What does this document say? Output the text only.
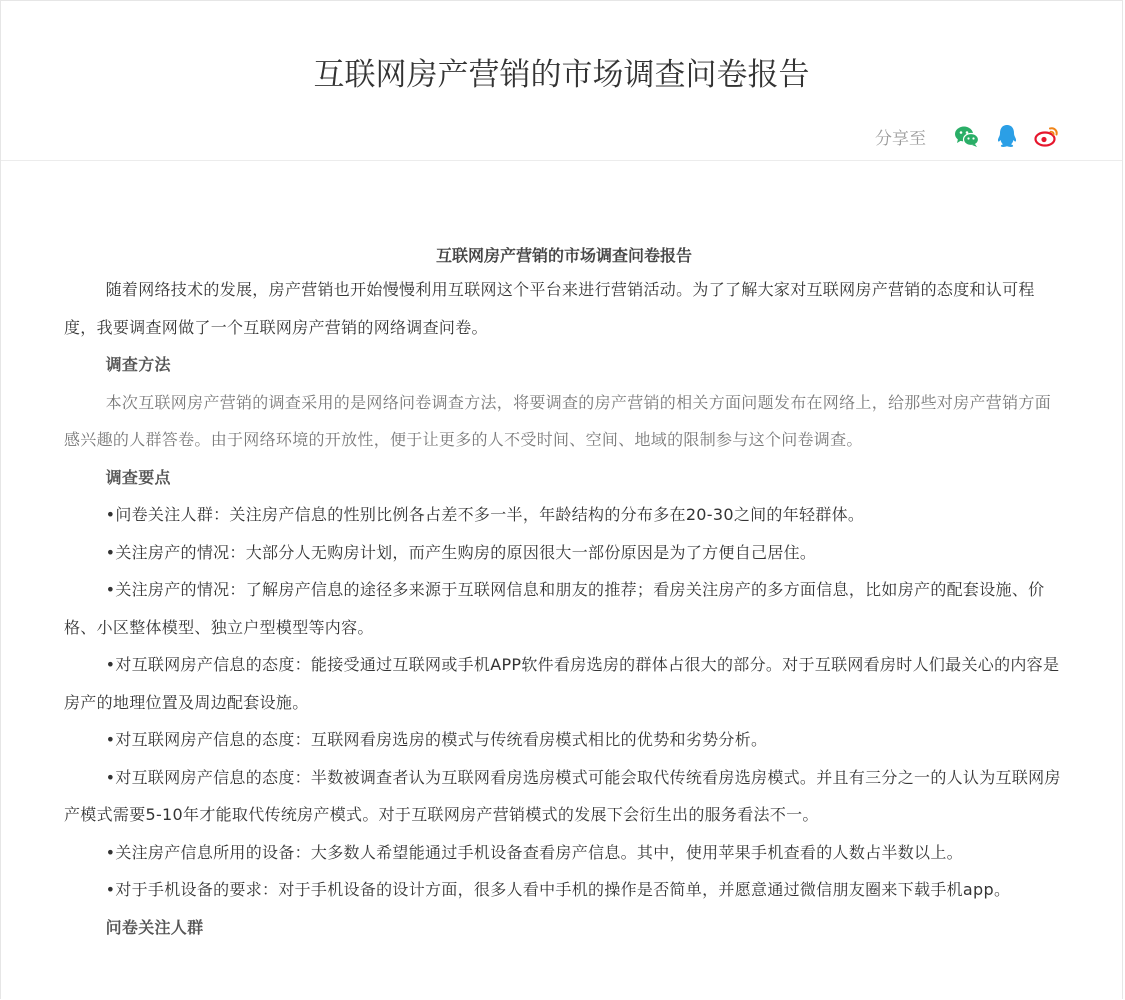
互联网房产营销的市场调查问卷报告
分享至
互联网房产营销的市场调查问卷报告

随着网络技术的发展，房产营销也开始慢慢利用互联网这个平台来进行营销活动。为了了解大家对互联网房产营销的态度和认可程度，我要调查网做了一个互联网房产营销的网络调查问卷。

调查方法

本次互联网房产营销的调查采用的是网络问卷调查方法，将要调查的房产营销的相关方面问题发布在网络上，给那些对房产营销方面感兴趣的人群答卷。由于网络环境的开放性，便于让更多的人不受时间、空间、地域的限制参与这个问卷调查。

调查要点

•问卷关注人群：关注房产信息的性别比例各占差不多一半，年龄结构的分布多在20-30之间的年轻群体。

•关注房产的情况：大部分人无购房计划，而产生购房的原因很大一部份原因是为了方便自己居住。

•关注房产的情况：了解房产信息的途径多来源于互联网信息和朋友的推荐；看房关注房产的多方面信息，比如房产的配套设施、价格、小区整体模型、独立户型模型等内容。

•对互联网房产信息的态度：能接受通过互联网或手机APP软件看房选房的群体占很大的部分。对于互联网看房时人们最关心的内容是房产的地理位置及周边配套设施。

•对互联网房产信息的态度：互联网看房选房的模式与传统看房模式相比的优势和劣势分析。

•对互联网房产信息的态度：半数被调查者认为互联网看房选房模式可能会取代传统看房选房模式。并且有三分之一的人认为互联网房产模式需要5-10年才能取代传统房产模式。对于互联网房产营销模式的发展下会衍生出的服务看法不一。

•关注房产信息所用的设备：大多数人希望能通过手机设备查看房产信息。其中，使用苹果手机查看的人数占半数以上。

•对于手机设备的要求：对于手机设备的设计方面，很多人看中手机的操作是否简单，并愿意通过微信朋友圈来下载手机app。

问卷关注人群
